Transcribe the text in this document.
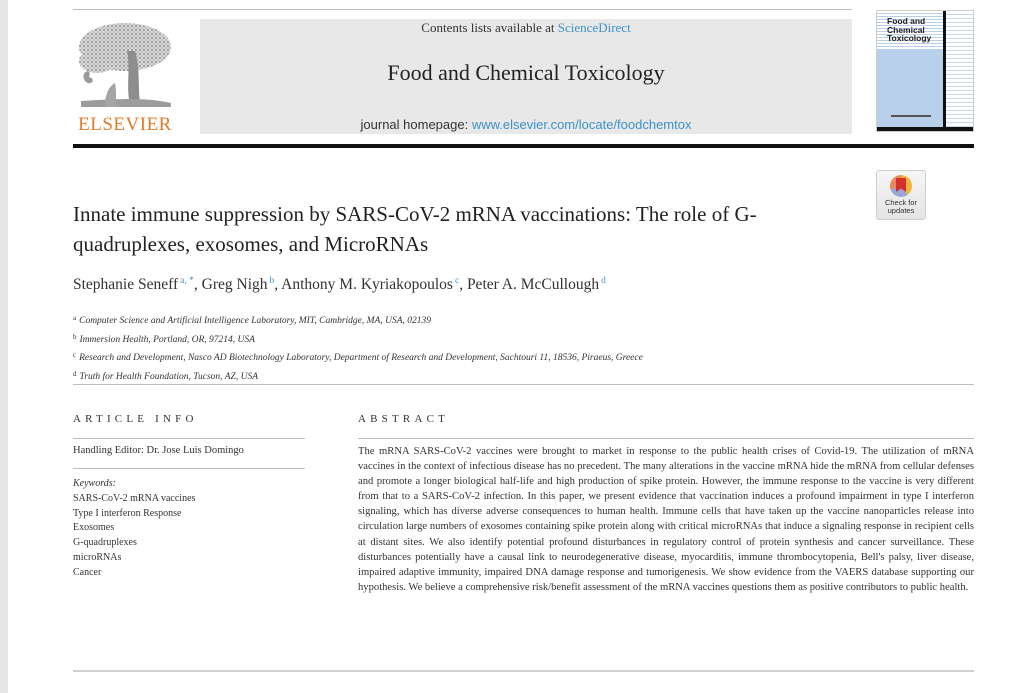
ELSEVIER
Contents lists available at ScienceDirect
Food and Chemical Toxicology
journal homepage: www.elsevier.com/locate/foodchemtox
Food and
Chemical
Toxicology
Innate immune suppression by SARS-CoV-2 mRNA vaccinations: The role of G-quadruplexes, exosomes, and MicroRNAs
Check for
updates
Stephanie Seneff $^{a, *}$, Greg Nigh $^b$, Anthony M. Kyriakopoulos $^c$, Peter A. McCullough $^d$
$^a$ Computer Science and Artificial Intelligence Laboratory, MIT, Cambridge, MA, USA, 02139
$^b$ Immersion Health, Portland, OR, 97214, USA
$^c$ Research and Development, Nasco AD Biotechnology Laboratory, Department of Research and Development, Sachtouri 11, 18536, Piraeus, Greece
$^d$ Truth for Health Foundation, Tucson, AZ, USA
ARTICLE INFO
Handling Editor: Dr. Jose Luis Domingo
Keywords:
SARS-CoV-2 mRNA vaccines
Type I interferon Response
Exosomes
G-quadruplexes
microRNAs
Cancer
ABSTRACT

The mRNA SARS-CoV-2 vaccines were brought to market in response to the public health crises of Covid-19. The utilization of mRNA vaccines in the context of infectious disease has no precedent. The many alterations in the vaccine mRNA hide the mRNA from cellular defenses and promote a longer biological half-life and high production of spike protein. However, the immune response to the vaccine is very different from that to a SARS-CoV-2 infection. In this paper, we present evidence that vaccination induces a profound impairment in type I interferon signaling, which has diverse adverse consequences to human health. Immune cells that have taken up the vaccine nanoparticles release into circulation large numbers of exosomes containing spike protein along with critical microRNAs that induce a signaling response in recipient cells at distant sites. We also identify potential profound disturbances in regulatory control of protein synthesis and cancer surveillance. These disturbances potentially have a causal link to neurodegenerative disease, myocarditis, immune thrombocytopenia, Bell's palsy, liver disease, impaired adaptive immunity, impaired DNA damage response and tumorigenesis. We show evidence from the VAERS database supporting our hypothesis. We believe a comprehensive risk/benefit assessment of the mRNA vaccines questions them as positive contributors to public health.
